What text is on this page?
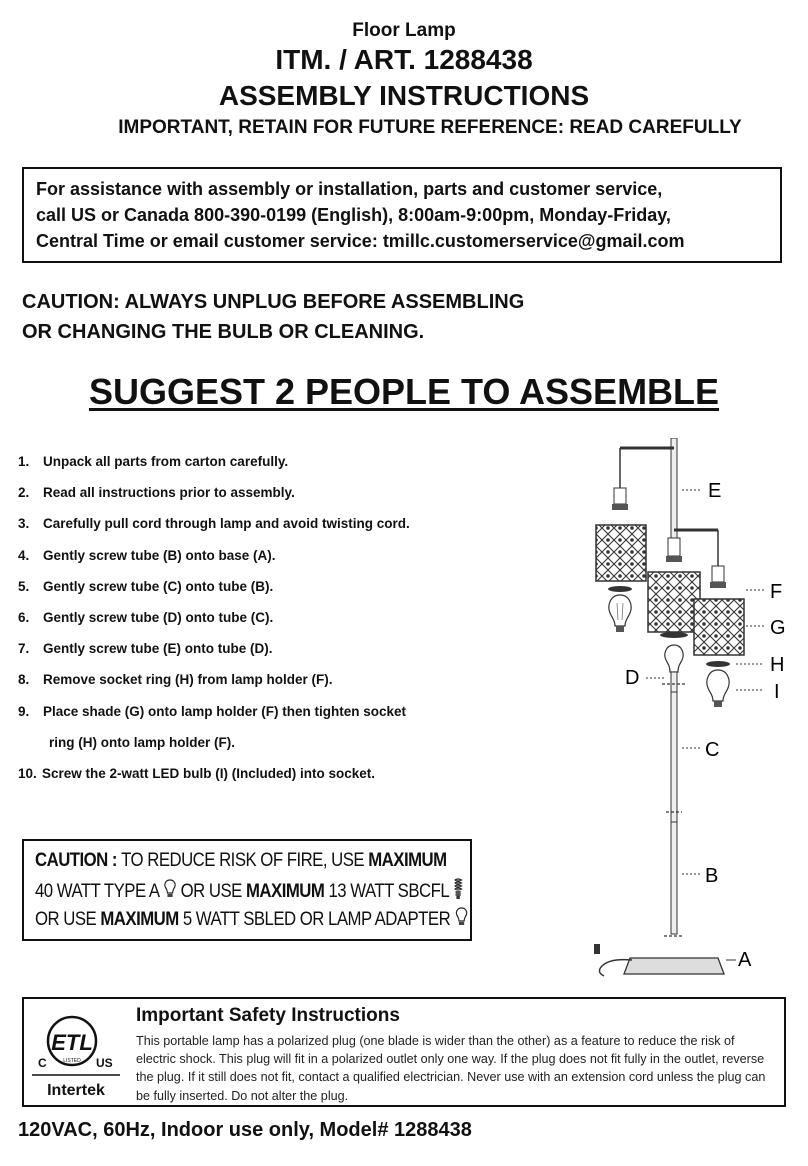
Floor Lamp
ITM. / ART. 1288438
ASSEMBLY INSTRUCTIONS
IMPORTANT, RETAIN FOR FUTURE REFERENCE: READ CAREFULLY
For assistance with assembly or installation, parts and customer service,
call US or Canada 800-390-0199 (English), 8:00am-9:00pm, Monday-Friday,
Central Time or email customer service: tmillc.customerservice@gmail.com
CAUTION: ALWAYS UNPLUG BEFORE ASSEMBLING
OR CHANGING THE BULB OR CLEANING.
SUGGEST 2 PEOPLE TO ASSEMBLE
1.	Unpack all parts from carton carefully.
2.	Read all instructions prior to assembly.
3.	Carefully pull cord through lamp and avoid twisting cord.
4.	Gently screw tube (B) onto base (A).
5.	Gently screw tube (C) onto tube (B).
6.	Gently screw tube (D) onto tube (C).
7.	Gently screw tube (E) onto tube (D).
8.	Remove socket ring (H) from lamp holder (F).
9.	Place shade (G) onto lamp holder (F) then tighten socket
ring (H) onto lamp holder (F).
10. Screw the 2-watt LED bulb (I) (Included) into socket.
CAUTION : TO REDUCE RISK OF FIRE, USE MAXIMUM
40 WATT TYPE A  OR USE MAXIMUM 13 WATT SBCFL
OR USE MAXIMUM 5 WATT SBLED OR LAMP ADAPTER
E
F
G
H
D
I
C
B
A
ETL
LISTED
C	US
Intertek
Important Safety Instructions
This portable lamp has a polarized plug (one blade is wider than the other) as a feature to reduce the risk of electric shock. This plug will fit in a polarized outlet only one way. If the plug does not fit fully in the outlet, reverse the plug. If it still does not fit, contact a qualified electrician. Never use with an extension cord unless the plug can be fully inserted. Do not alter the plug.
120VAC, 60Hz, Indoor use only, Model# 1288438
